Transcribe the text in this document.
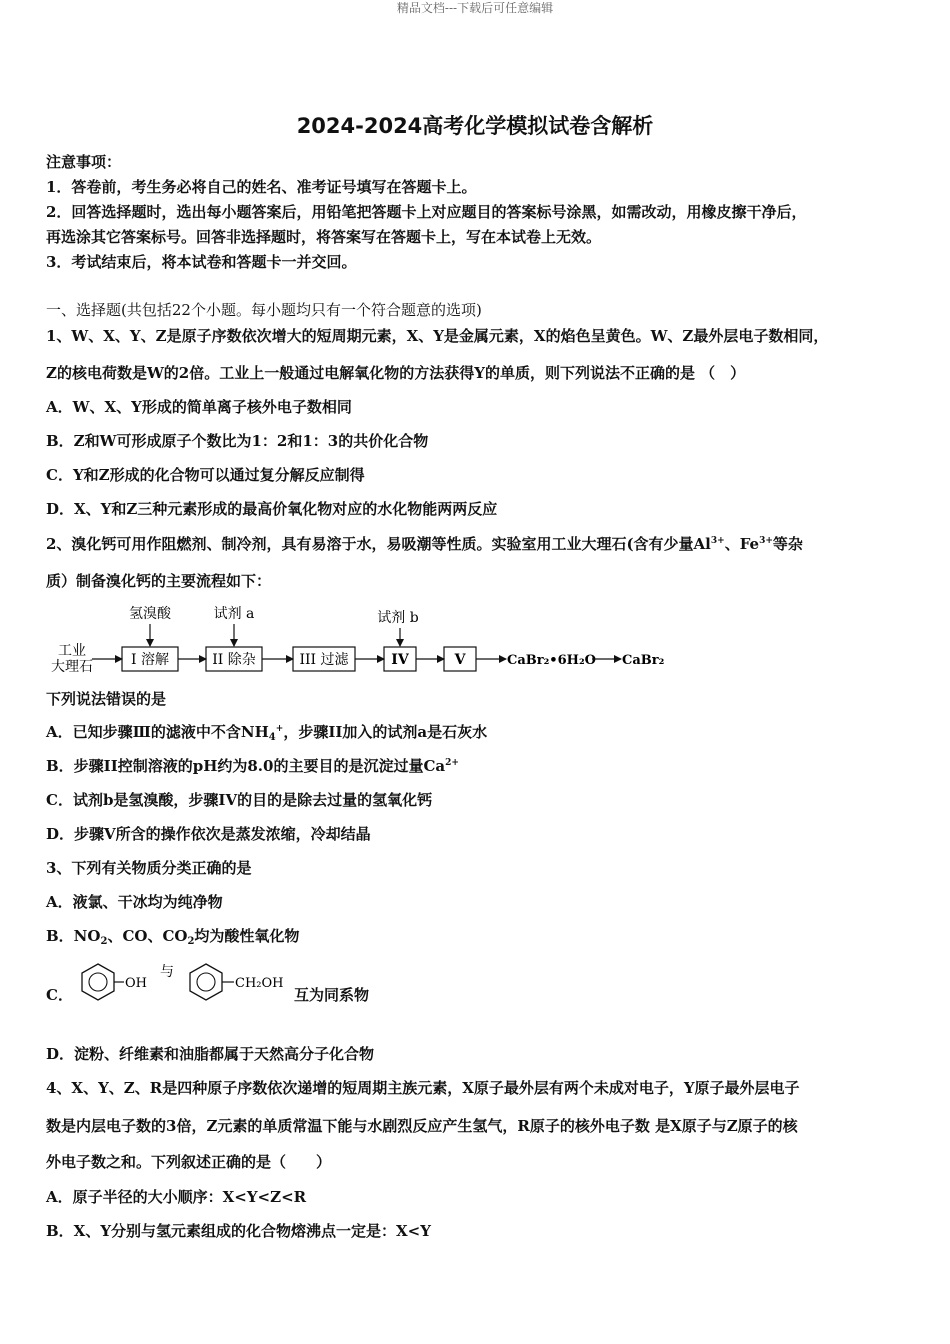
精品文档---下载后可任意编辑
2024-2024高考化学模拟试卷含解析
注意事项：
1．答卷前，考生务必将自己的姓名、准考证号填写在答题卡上。
2．回答选择题时，选出每小题答案后，用铅笔把答题卡上对应题目的答案标号涂黑，如需改动，用橡皮擦干净后，
再选涂其它答案标号。回答非选择题时，将答案写在答题卡上，写在本试卷上无效。
3．考试结束后，将本试卷和答题卡一并交回。
一、选择题(共包括22个小题。每小题均只有一个符合题意的选项)
1、W、X、Y、Z是原子序数依次增大的短周期元素，X、Y是金属元素，X的焰色呈黄色。W、Z最外层电子数相同，
Z的核电荷数是W的2倍。工业上一般通过电解氧化物的方法获得Y的单质，则下列说法不正确的是 （　）
A．W、X、Y形成的简单离子核外电子数相同
B．Z和W可形成原子个数比为1：2和1：3的共价化合物
C．Y和Z形成的化合物可以通过复分解反应制得
D．X、Y和Z三种元素形成的最高价氧化物对应的水化物能两两反应
2、溴化钙可用作阻燃剂、制冷剂，具有易溶于水，易吸潮等性质。实验室用工业大理石(含有少量$Al^{3+}$、$Fe^{3+}$等杂
质）制备溴化钙的主要流程如下：
工业
大理石	I 溶解
氢溴酸
II 除杂
试剂 a
III 过滤	IV
试剂 b
V	CaBr₂•6H₂O CaBr₂
下列说法错误的是
A．已知步骤Ⅲ的滤液中不含$NH_4^+$，步骤II加入的试剂a是石灰水
B．步骤II控制溶液的pH约为8.0的主要目的是沉淀过量$Ca^{2+}$
C．试剂b是氢溴酸，步骤IV的目的是除去过量的氢氧化钙
D．步骤V所含的操作依次是蒸发浓缩，冷却结晶
3、下列有关物质分类正确的是
A．液氯、干冰均为纯净物
B．$NO_2$、CO、$CO_2$均为酸性氧化物
C．
OH
与
CH₂OH
互为同系物
D．淀粉、纤维素和油脂都属于天然高分子化合物
4、X、Y、Z、R是四种原子序数依次递增的短周期主族元素，X原子最外层有两个未成对电子，Y原子最外层电子
数是内层电子数的3倍，Z元素的单质常温下能与水剧烈反应产生氢气，R原子的核外电子数 是X原子与Z原子的核
外电子数之和。下列叙述正确的是（　　）
A．原子半径的大小顺序：X<Y<Z<R
B．X、Y分别与氢元素组成的化合物熔沸点一定是：X<Y
